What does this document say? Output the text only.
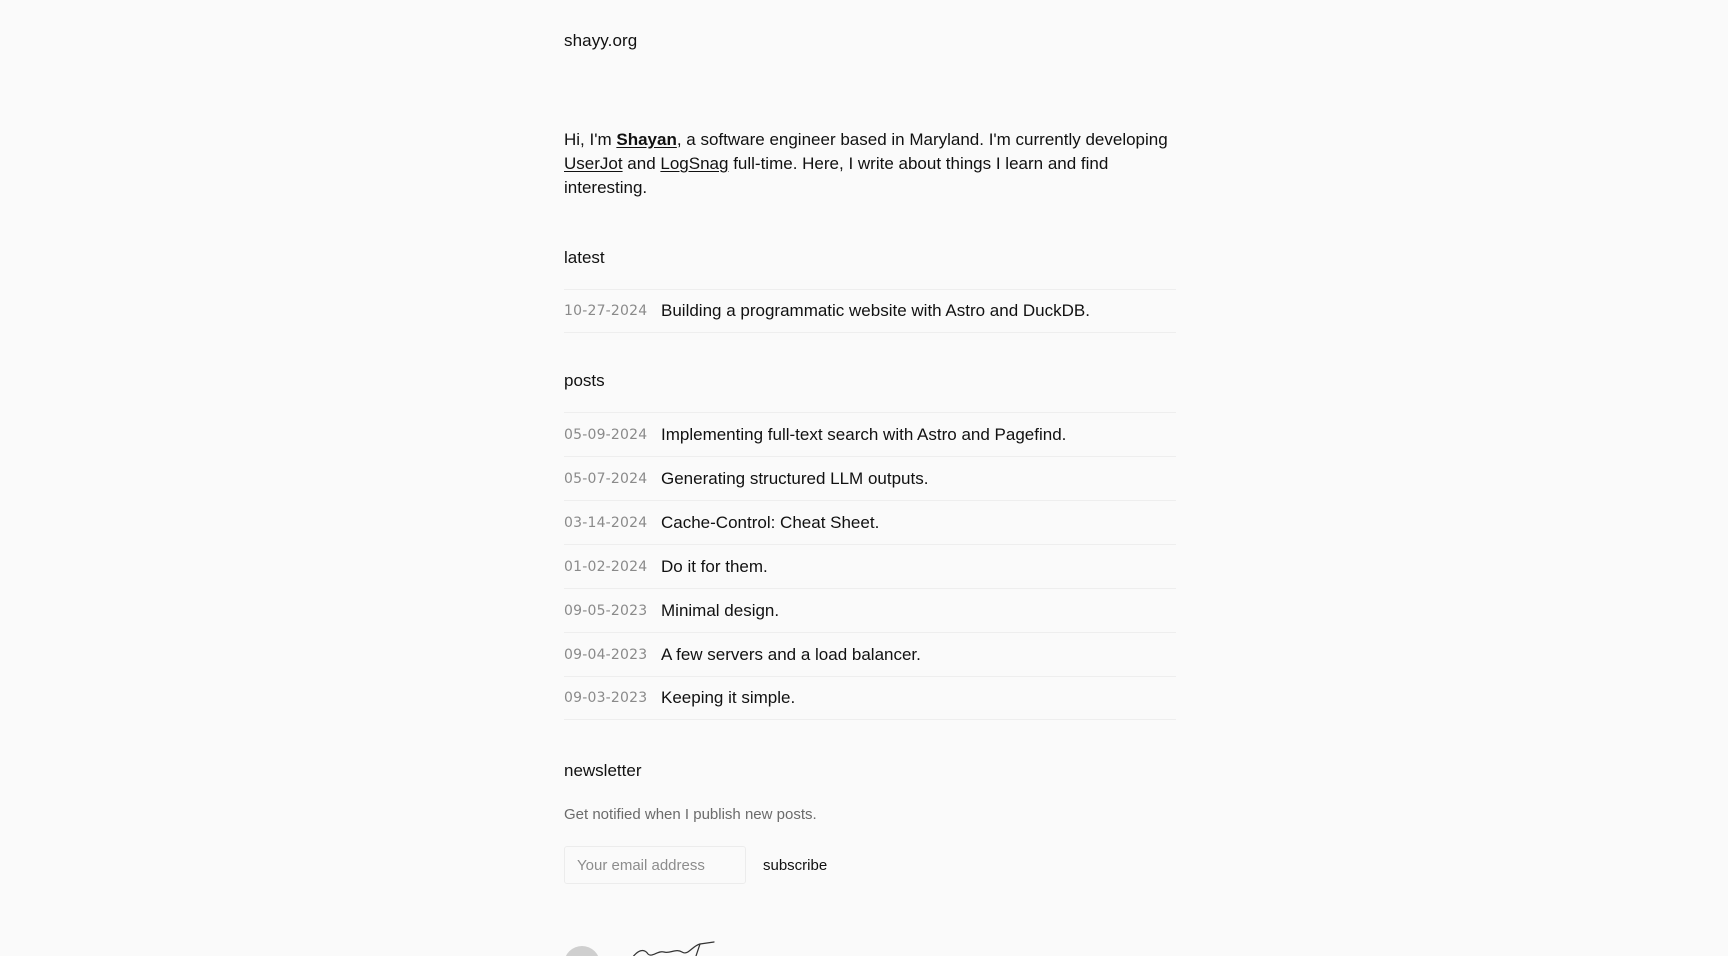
shayy.org

Hi, I'm Shayan, a software engineer based in Maryland. I'm currently developing UserJot and LogSnag full-time. Here, I write about things I learn and find interesting.

latest
10-27-2024 Building a programmatic website with Astro and DuckDB.
posts
05-09-2024 Implementing full-text search with Astro and Pagefind.
05-07-2024 Generating structured LLM outputs.
03-14-2024 Cache-Control: Cheat Sheet.
01-02-2024 Do it for them.
09-05-2023 Minimal design.
09-04-2023 A few servers and a load balancer.
09-03-2023 Keeping it simple.
newsletter

Get notified when I publish new posts.

Your email address
subscribe
